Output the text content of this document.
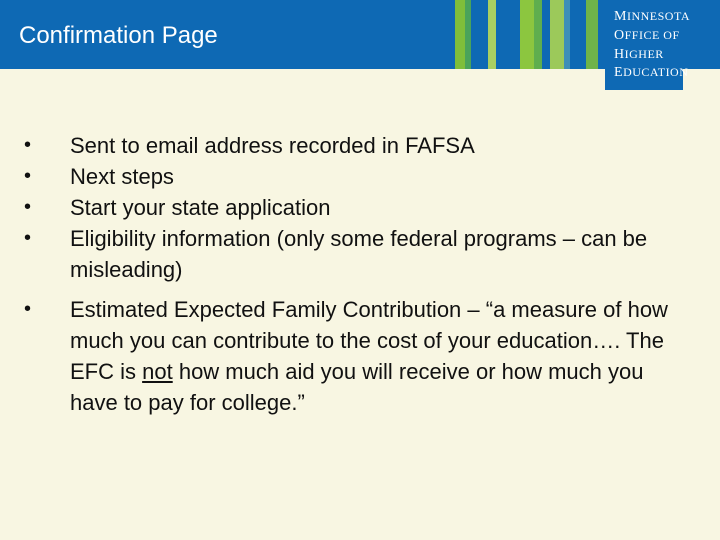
Confirmation Page
MINNESOTA
OFFICE OF
HIGHER
EDUCATION
•	Sent to email address recorded in FAFSA
•	Next steps
•	Start your state application
•	Eligibility information (only some federal programs – can be misleading)
•	Estimated Expected Family Contribution – “a measure of how much you can contribute to the cost of your education…. The EFC is not how much aid you will receive or how much you have to pay for college.”
